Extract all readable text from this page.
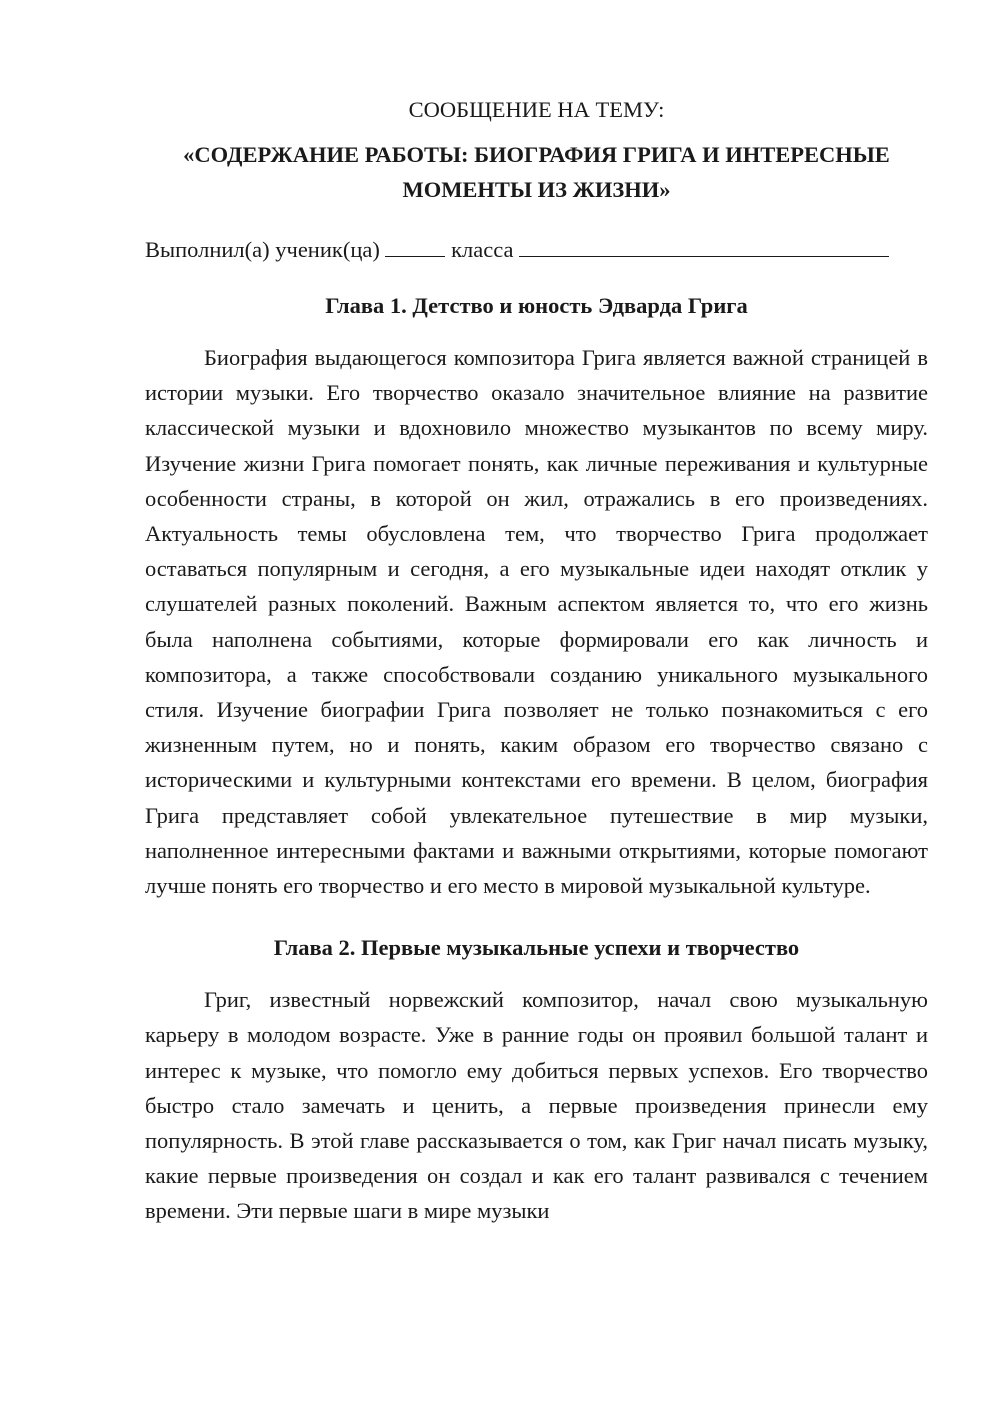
СООБЩЕНИЕ НА ТЕМУ:

«СОДЕРЖАНИЕ РАБОТЫ: БИОГРАФИЯ ГРИГА И ИНТЕРЕСНЫЕ МОМЕНТЫ ИЗ ЖИЗНИ»

Выполнил(а) ученик(ца)	класса

Глава 1. Детство и юность Эдварда Грига

Биография выдающегося композитора Грига является важной страницей в истории музыки. Его творчество оказало значительное влияние на развитие классической музыки и вдохновило множество музыкантов по всему миру. Изучение жизни Грига помогает понять, как личные переживания и культурные особенности страны, в которой он жил, отражались в его произведениях. Актуальность темы обусловлена тем, что творчество Грига продолжает оставаться популярным и сегодня, а его музыкальные идеи находят отклик у слушателей разных поколений. Важным аспектом является то, что его жизнь была наполнена событиями, которые формировали его как личность и композитора, а также способствовали созданию уникального музыкального стиля. Изучение биографии Грига позволяет не только познакомиться с его жизненным путем, но и понять, каким образом его творчество связано с историческими и культурными контекстами его времени. В целом, биография Грига представляет собой увлекательное путешествие в мир музыки, наполненное интересными фактами и важными открытиями, которые помогают лучше понять его творчество и его место в мировой музыкальной культуре.

Глава 2. Первые музыкальные успехи и творчество

Григ, известный норвежский композитор, начал свою музыкальную карьеру в молодом возрасте. Уже в ранние годы он проявил большой талант и интерес к музыке, что помогло ему добиться первых успехов. Его творчество быстро стало замечать и ценить, а первые произведения принесли ему популярность. В этой главе рассказывается о том, как Григ начал писать музыку, какие первые произведения он создал и как его талант развивался с течением времени. Эти первые шаги в мире музыки
